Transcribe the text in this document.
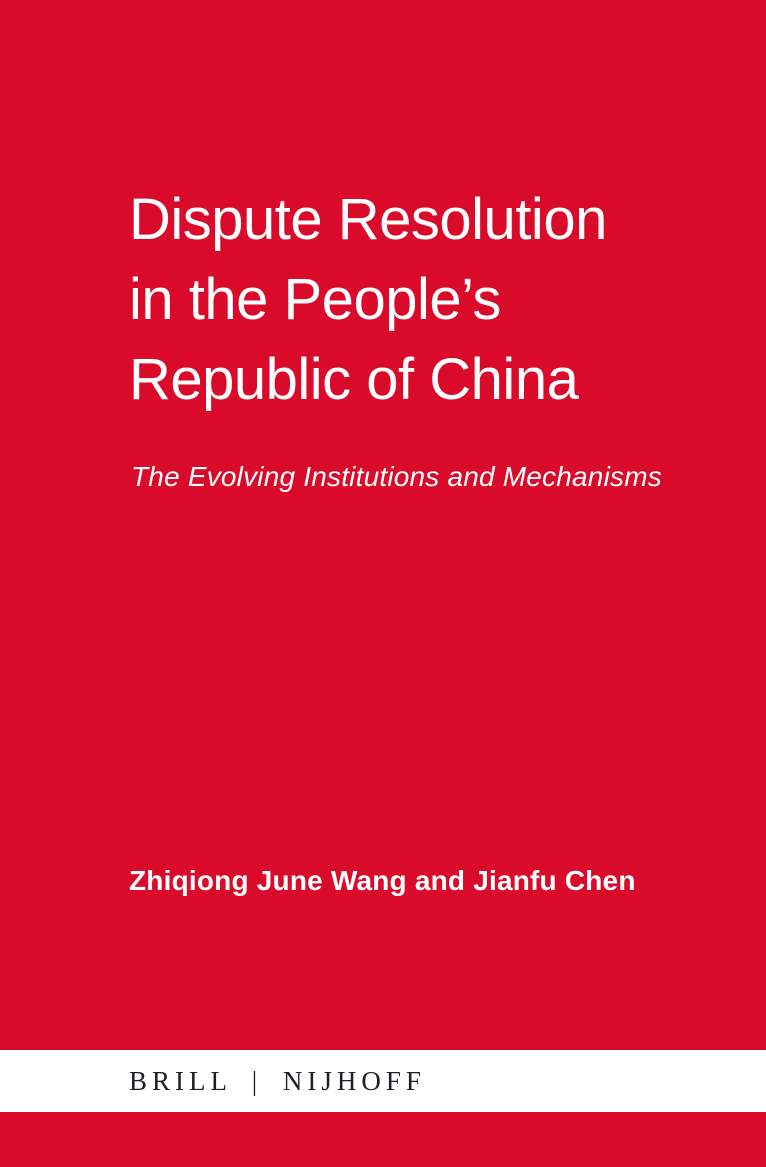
Dispute Resolution
in the People’s
Republic of China
The Evolving Institutions and Mechanisms
Zhiqiong June Wang and Jianfu Chen
BRILL | NIJHOFF
